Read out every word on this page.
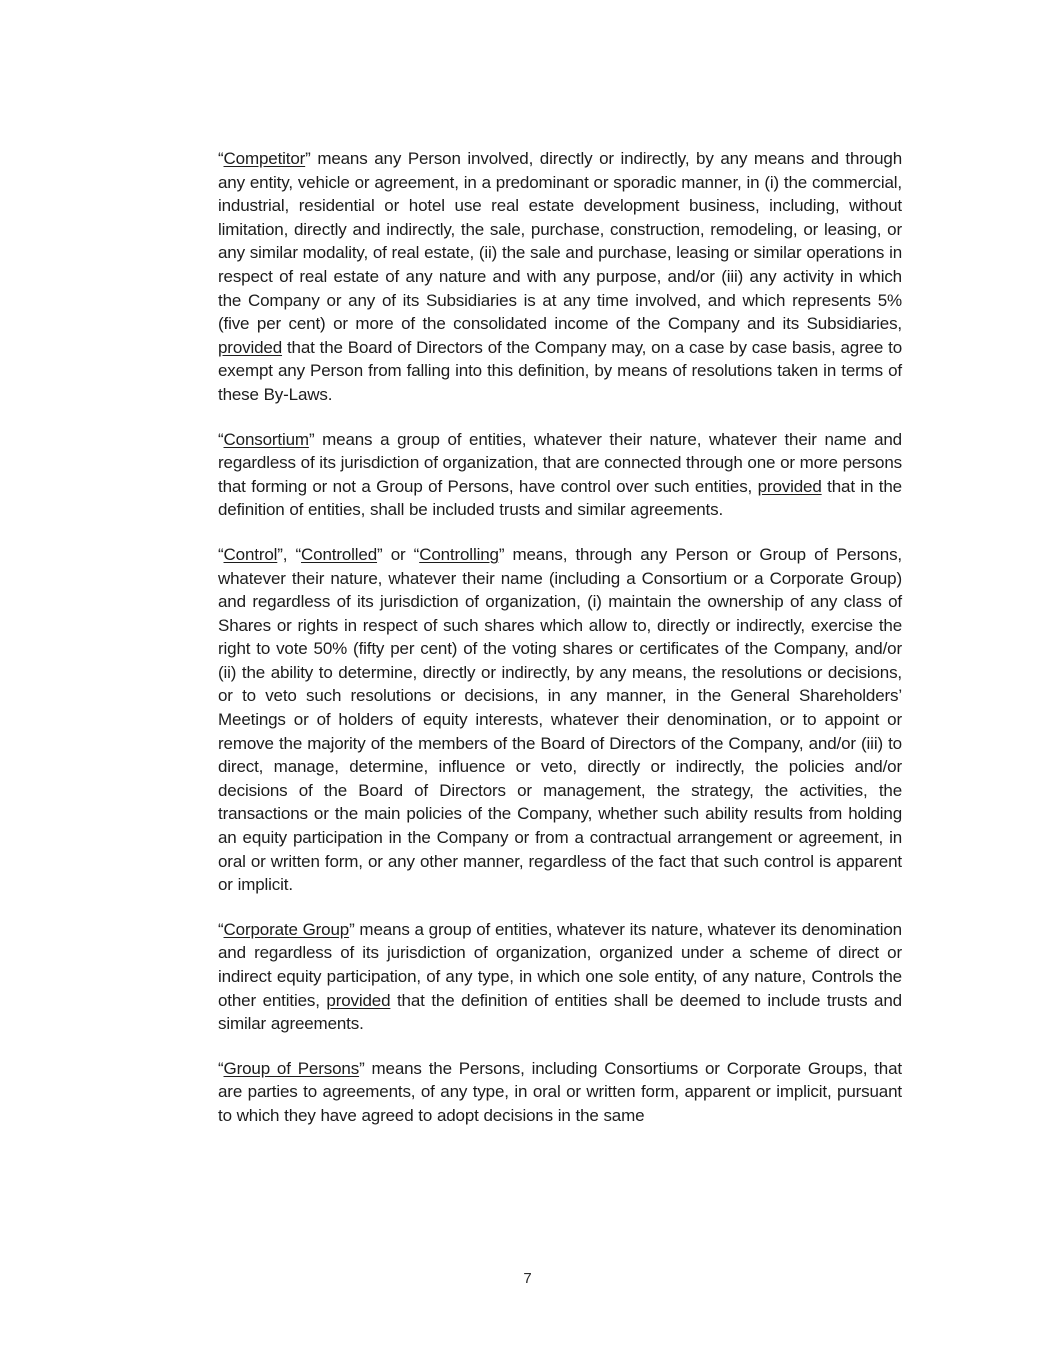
“Competitor” means any Person involved, directly or indirectly, by any means and through any entity, vehicle or agreement, in a predominant or sporadic manner, in (i) the commercial, industrial, residential or hotel use real estate development business, including, without limitation, directly and indirectly, the sale, purchase, construction, remodeling, or leasing, or any similar modality, of real estate, (ii) the sale and purchase, leasing or similar operations in respect of real estate of any nature and with any purpose, and/or (iii) any activity in which the Company or any of its Subsidiaries is at any time involved, and which represents 5% (five per cent) or more of the consolidated income of the Company and its Subsidiaries, provided that the Board of Directors of the Company may, on a case by case basis, agree to exempt any Person from falling into this definition, by means of resolutions taken in terms of these By-Laws.

“Consortium” means a group of entities, whatever their nature, whatever their name and regardless of its jurisdiction of organization, that are connected through one or more persons that forming or not a Group of Persons, have control over such entities, provided that in the definition of entities, shall be included trusts and similar agreements.

“Control”, “Controlled” or “Controlling” means, through any Person or Group of Persons, whatever their nature, whatever their name (including a Consortium or a Corporate Group) and regardless of its jurisdiction of organization, (i) maintain the ownership of any class of Shares or rights in respect of such shares which allow to, directly or indirectly, exercise the right to vote 50% (fifty per cent) of the voting shares or certificates of the Company, and/or (ii) the ability to determine, directly or indirectly, by any means, the resolutions or decisions, or to veto such resolutions or decisions, in any manner, in the General Shareholders’ Meetings or of holders of equity interests, whatever their denomination, or to appoint or remove the majority of the members of the Board of Directors of the Company, and/or (iii) to direct, manage, determine, influence or veto, directly or indirectly, the policies and/or decisions of the Board of Directors or management, the strategy, the activities, the transactions or the main policies of the Company, whether such ability results from holding an equity participation in the Company or from a contractual arrangement or agreement, in oral or written form, or any other manner, regardless of the fact that such control is apparent or implicit.

“Corporate Group” means a group of entities, whatever its nature, whatever its denomination and regardless of its jurisdiction of organization, organized under a scheme of direct or indirect equity participation, of any type, in which one sole entity, of any nature, Controls the other entities, provided that the definition of entities shall be deemed to include trusts and similar agreements.

“Group of Persons” means the Persons, including Consortiums or Corporate Groups, that are parties to agreements, of any type, in oral or written form, apparent or implicit, pursuant to which they have agreed to adopt decisions in the same

7
